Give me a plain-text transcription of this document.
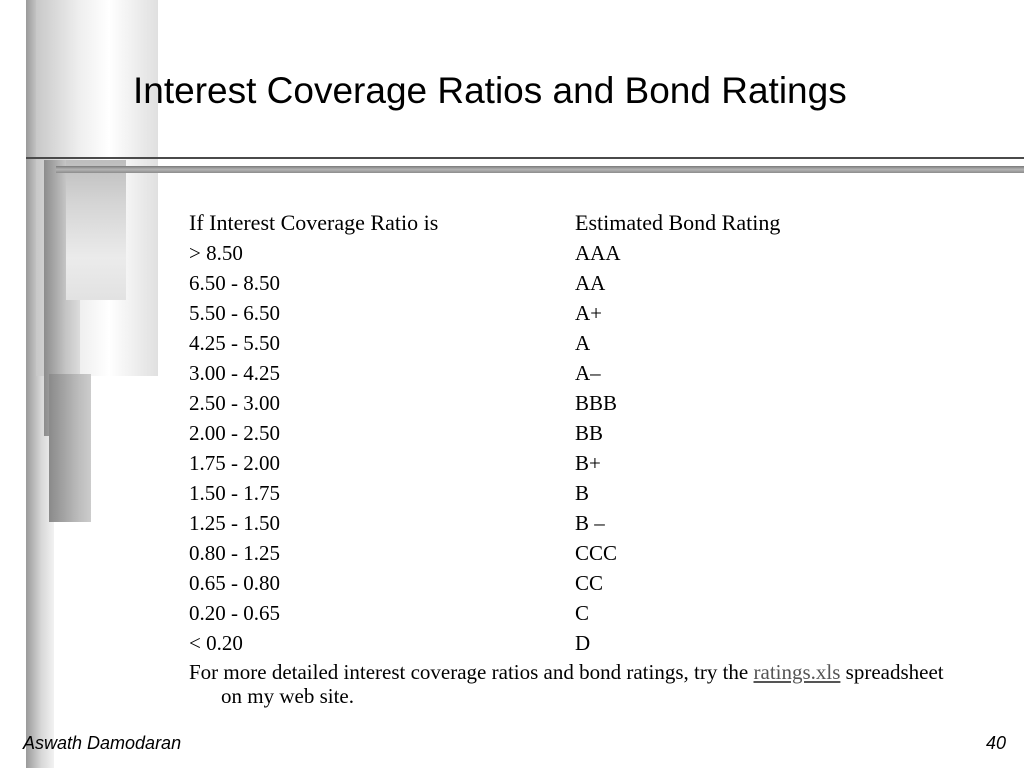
Interest Coverage Ratios and Bond Ratings
If Interest Coverage Ratio is	Estimated Bond Rating
> 8.50	AAA
6.50 - 8.50	AA
5.50 - 6.50	A+
4.25 - 5.50	A
3.00 - 4.25	A–
2.50 - 3.00	BBB
2.00 - 2.50	BB
1.75 - 2.00	B+
1.50 - 1.75	B
1.25 - 1.50	B –
0.80 - 1.25	CCC
0.65 - 0.80	CC
0.20 - 0.65	C
< 0.20	D
For more detailed interest coverage ratios and bond ratings, try the ratings.xls spreadsheet on my web site.
Aswath Damodaran	40
